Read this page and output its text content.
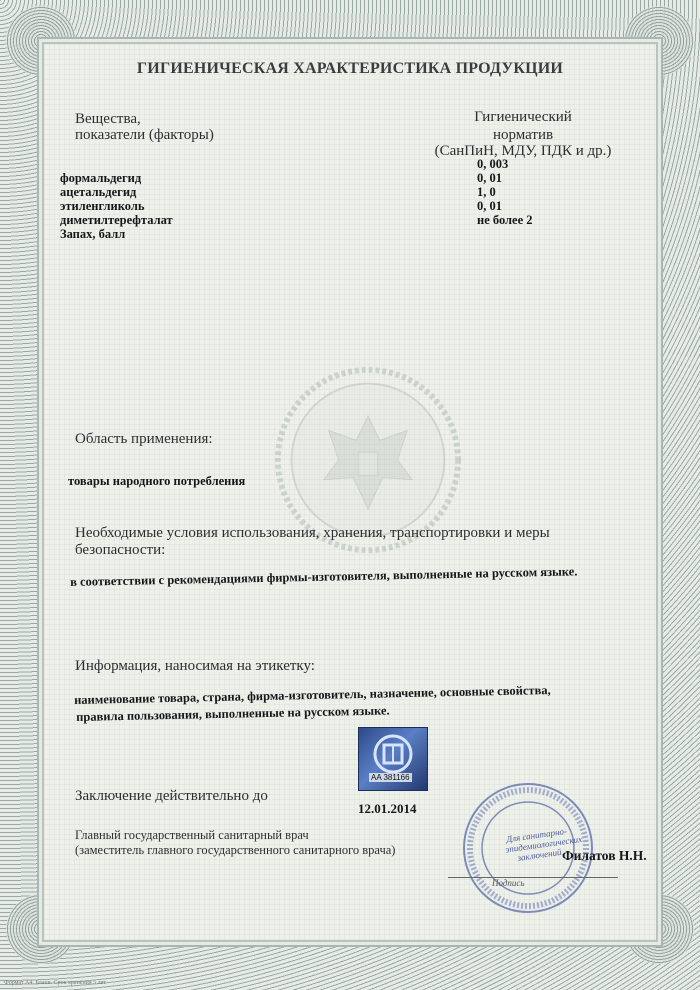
ГИГИЕНИЧЕСКАЯ ХАРАКТЕРИСТИКА ПРОДУКЦИИ
Вещества,
показатели (факторы)
Гигиенический
норматив
(СанПиН, МДУ, ПДК и др.)
формальдегид
ацетальдегид
этиленгликоль
диметилтерефталат
Запах, балл
0, 003
0, 01
1, 0
0, 01
не более 2
Область применения:
товары народного потребления
Необходимые условия использования, хранения, транспортировки и меры
безопасности:
в соответствии с рекомендациями фирмы-изготовителя, выполненные на русском языке.
Информация, наносимая на этикетку:
наименование товара, страна, фирма-изготовитель, назначение, основные свойства,
правила пользования, выполненные на русском языке.
AA 381166
Заключение действительно до
12.01.2014
Главный государственный санитарный врач
(заместитель главного государственного санитарного врача)
Для санитарно-эпидемиологических заключений
Подпись
Филатов Н.Н.
Формат А4. Бланк. Срок хранения 5 лет
